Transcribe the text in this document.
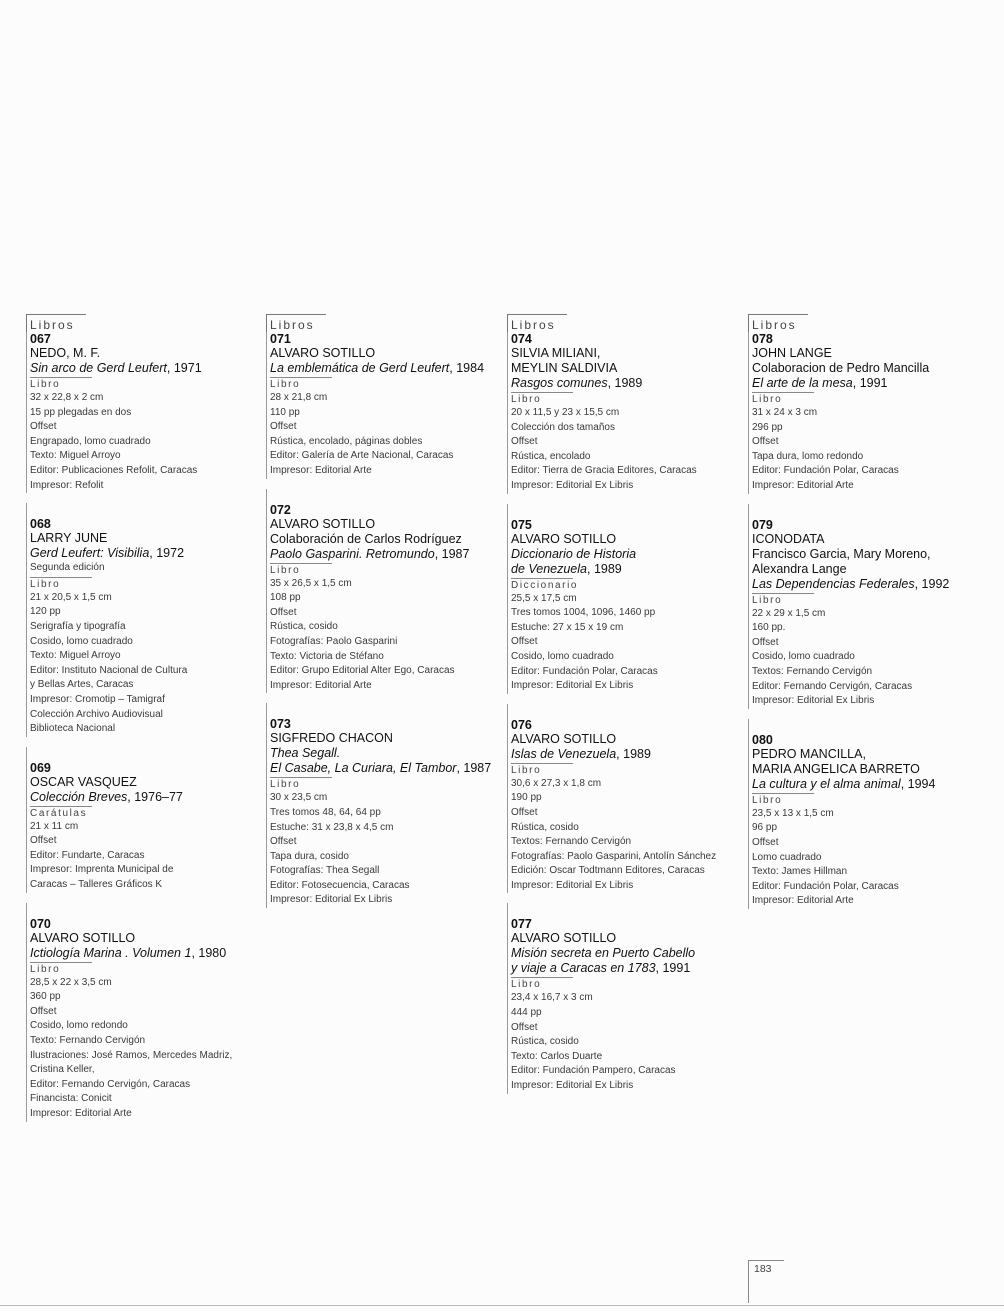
Libros
067
NEDO, M. F.
Sin arco de Gerd Leufert, 1971
Libro
32 x 22,8 x 2 cm
15 pp plegadas en dos
Offset
Engrapado, lomo cuadrado
Texto: Miguel Arroyo
Editor: Publicaciones Refolit, Caracas
Impresor: Refolit
068
LARRY JUNE
Gerd Leufert: Visibilia, 1972
Segunda edición
Libro
21 x 20,5 x 1,5 cm
120 pp
Serigrafía y tipografía
Cosido, lomo cuadrado
Texto: Miguel Arroyo
Editor: Instituto Nacional de Cultura
y Bellas Artes, Caracas
Impresor: Cromotip – Tamigraf
Colección Archivo Audiovisual
Biblioteca Nacional
069
OSCAR VASQUEZ
Colección Breves, 1976–77
Carátulas
21 x 11 cm
Offset
Editor: Fundarte, Caracas
Impresor: Imprenta Municipal de
Caracas – Talleres Gráficos K
070
ALVARO SOTILLO
Ictiología Marina . Volumen 1, 1980
Libro
28,5 x 22 x 3,5 cm
360 pp
Offset
Cosido, lomo redondo
Texto: Fernando Cervigón
Ilustraciones: José Ramos, Mercedes Madriz,
Cristina Keller,
Editor: Fernando Cervigón, Caracas
Financista: Conicit
Impresor: Editorial Arte
Libros
071
ALVARO SOTILLO
La emblemática de Gerd Leufert, 1984
Libro
28 x 21,8 cm
110 pp
Offset
Rústica, encolado, páginas dobles
Editor: Galería de Arte Nacional, Caracas
Impresor: Editorial Arte
072
ALVARO SOTILLO
Colaboración de Carlos Rodríguez
Paolo Gasparini. Retromundo, 1987
Libro
35 x 26,5 x 1,5 cm
108 pp
Offset
Rústica, cosido
Fotografías: Paolo Gasparini
Texto: Victoria de Stéfano
Editor: Grupo Editorial Alter Ego, Caracas
Impresor: Editorial Arte
073
SIGFREDO CHACON
Thea Segall.
El Casabe, La Curiara, El Tambor, 1987
Libro
30 x 23,5 cm
Tres tomos 48, 64, 64 pp
Estuche: 31 x 23,8 x 4,5 cm
Offset
Tapa dura, cosido
Fotografías: Thea Segall
Editor: Fotosecuencia, Caracas
Impresor: Editorial Ex Libris
Libros
074
SILVIA MILIANI,
MEYLIN SALDIVIA
Rasgos comunes, 1989
Libro
20 x 11,5 y 23 x 15,5 cm
Colección dos tamaños
Offset
Rústica, encolado
Editor: Tierra de Gracia Editores, Caracas
Impresor: Editorial Ex Libris
075
ALVARO SOTILLO
Diccionario de Historia
de Venezuela, 1989
Diccionario
25,5 x 17,5 cm
Tres tomos 1004, 1096, 1460 pp
Estuche: 27 x 15 x 19 cm
Offset
Cosido, lomo cuadrado
Editor: Fundación Polar, Caracas
Impresor: Editorial Ex Libris
076
ALVARO SOTILLO
Islas de Venezuela, 1989
Libro
30,6 x 27,3 x 1,8 cm
190 pp
Offset
Rústica, cosido
Textos: Fernando Cervigón
Fotografías: Paolo Gasparini, Antolín Sánchez
Edición: Oscar Todtmann Editores, Caracas
Impresor: Editorial Ex Libris
077
ALVARO SOTILLO
Misión secreta en Puerto Cabello
y viaje a Caracas en 1783, 1991
Libro
23,4 x 16,7 x 3 cm
444 pp
Offset
Rústica, cosido
Texto: Carlos Duarte
Editor: Fundación Pampero, Caracas
Impresor: Editorial Ex Libris
Libros
078
JOHN LANGE
Colaboracion de Pedro Mancilla
El arte de la mesa, 1991
Libro
31 x 24 x 3 cm
296 pp
Offset
Tapa dura, lomo redondo
Editor: Fundación Polar, Caracas
Impresor: Editorial Arte
079
ICONODATA
Francisco Garcia, Mary Moreno,
Alexandra Lange
Las Dependencias Federales, 1992
Libro
22 x 29 x 1,5 cm
160 pp.
Offset
Cosido, lomo cuadrado
Textos: Fernando Cervigón
Editor: Fernando Cervigón, Caracas
Impresor: Editorial Ex Libris
080
PEDRO MANCILLA,
MARIA ANGELICA BARRETO
La cultura y el alma animal, 1994
Libro
23,5 x 13 x 1,5 cm
96 pp
Offset
Lomo cuadrado
Texto: James Hillman
Editor: Fundación Polar, Caracas
Impresor: Editorial Arte
183
